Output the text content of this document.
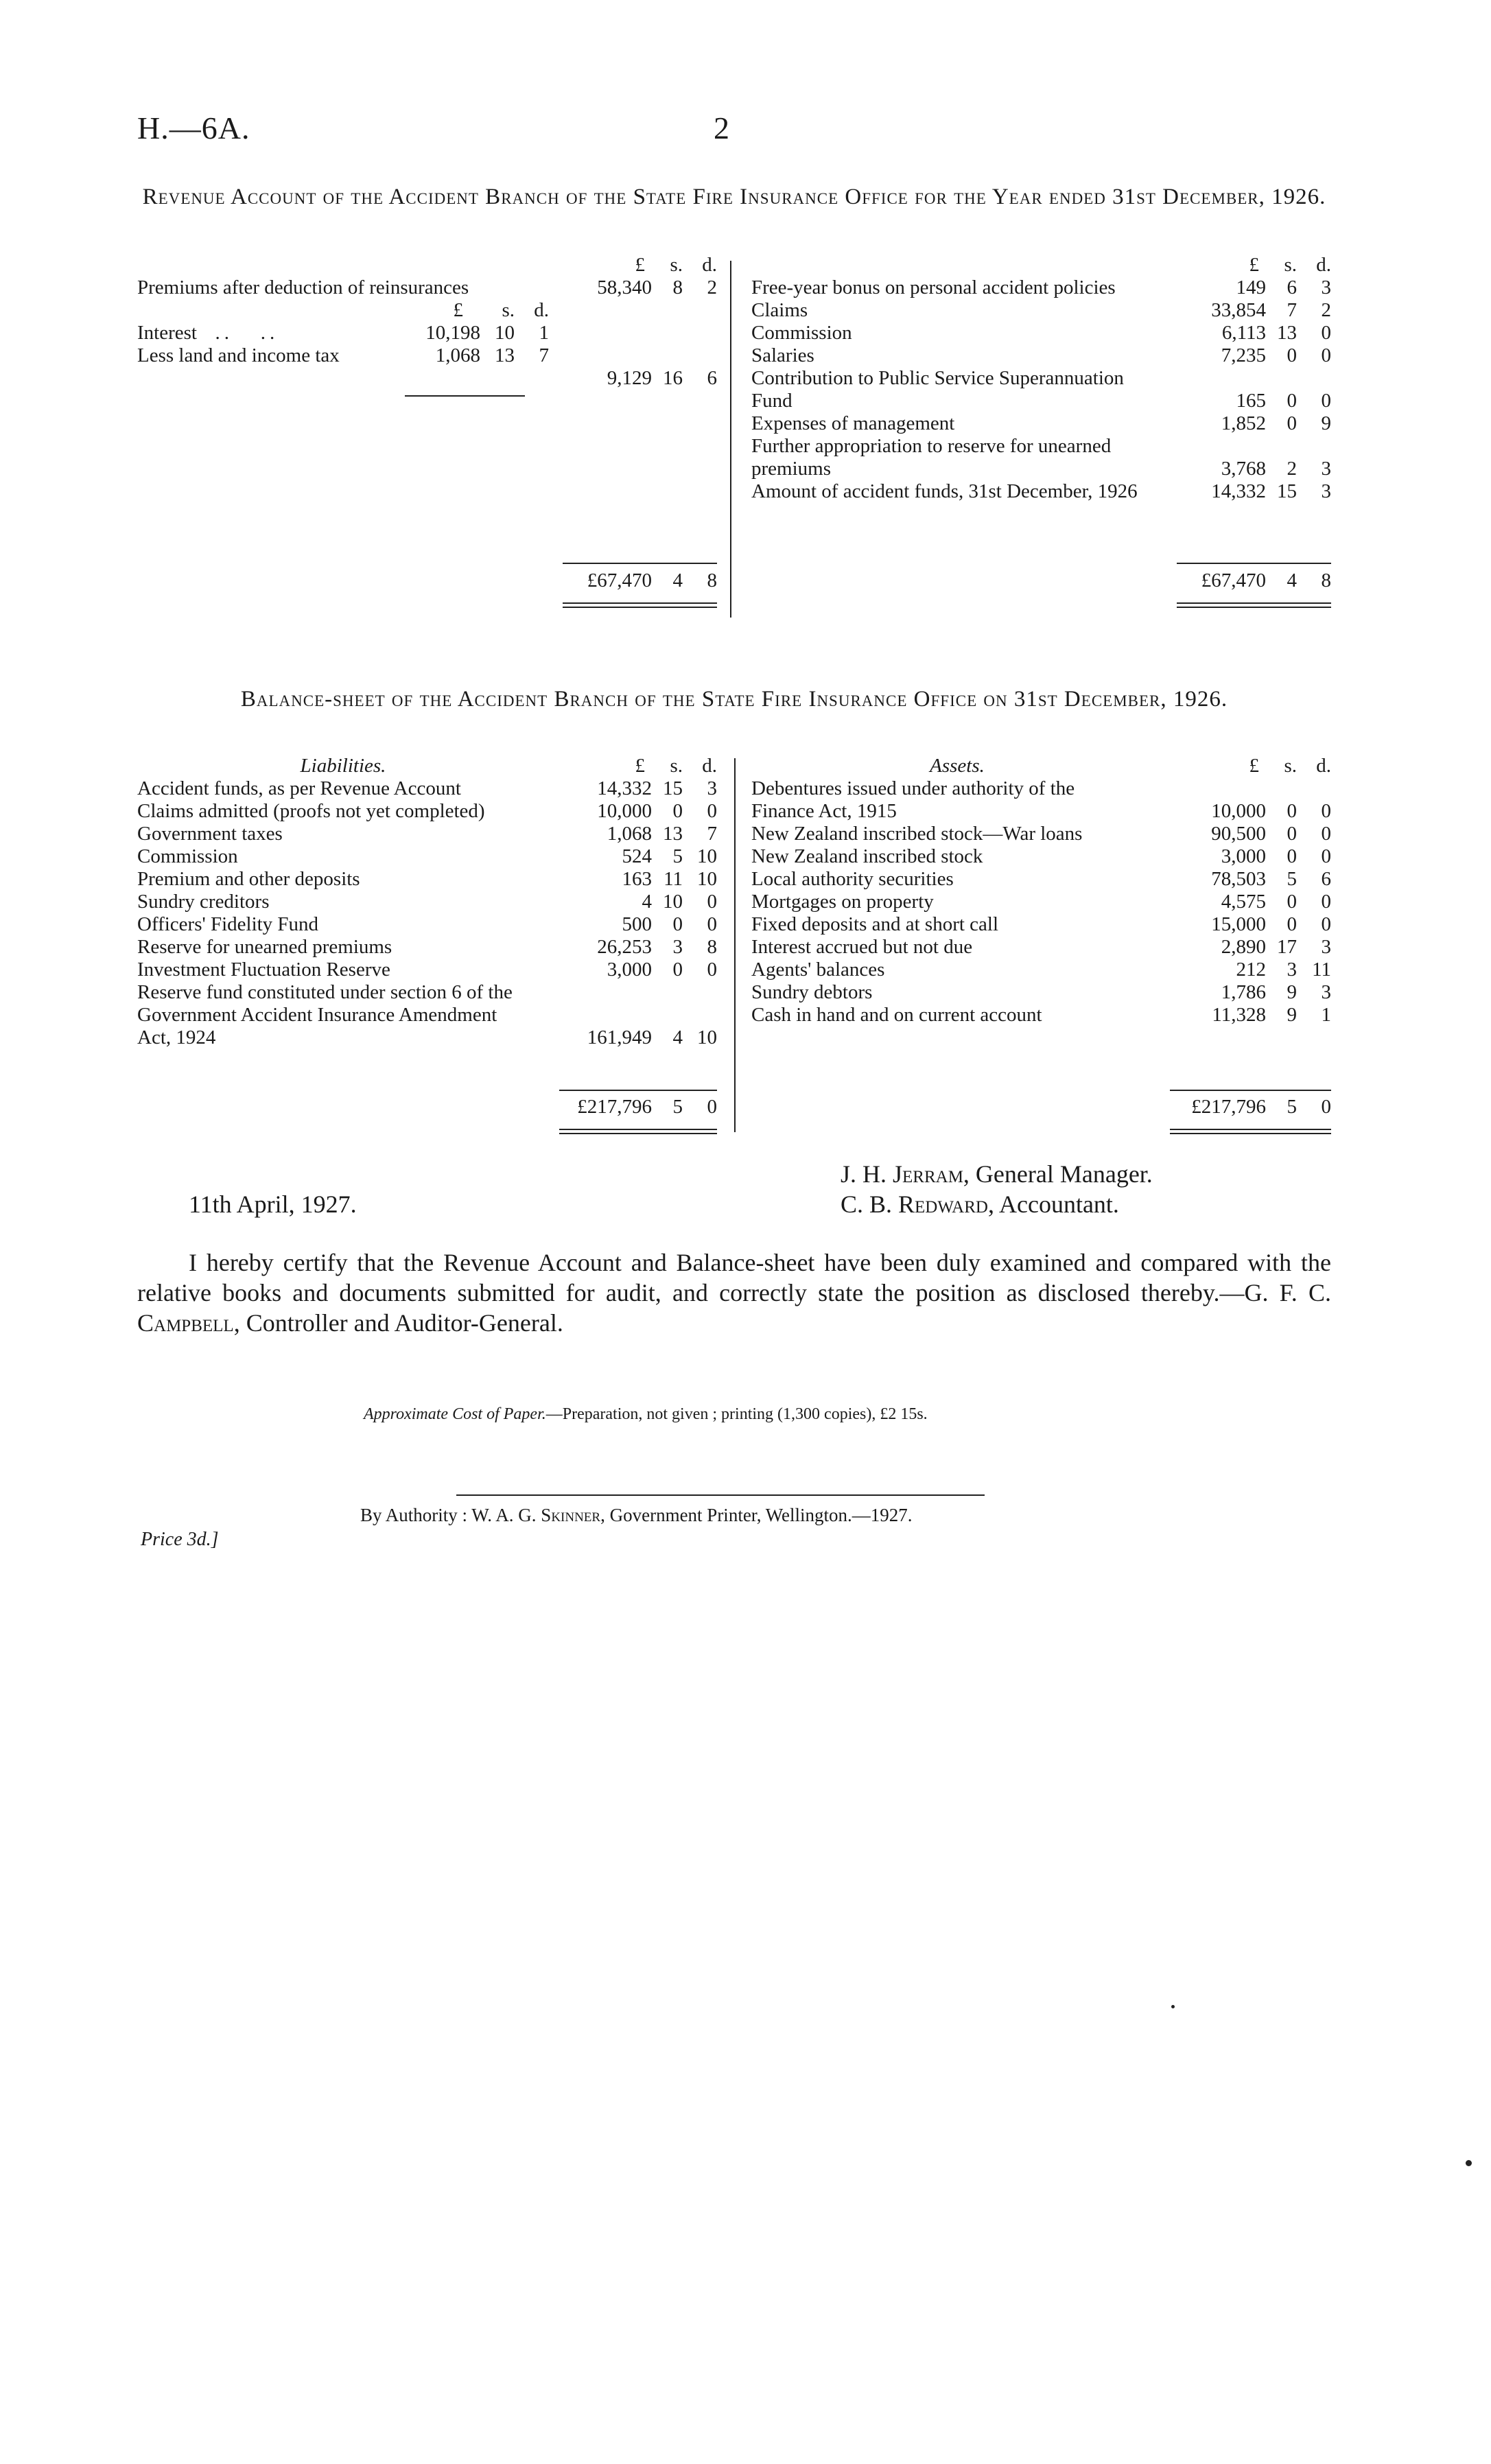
H.—6A.	2
Revenue Account of the Accident Branch of the State Fire Insurance Office for the Year ended 31st December, 1926.
	£	s.	d.
Premiums after deduction of reinsurances	58,340	8	2
	£	s.	d.
Interest  ..   ..	10,198	10	1
Less land and income tax	1,068	13	7
9,129	16	6
£67,470	4	8
	£	s.	d.
Free-year bonus on personal accident policies	149	6	3
Claims	33,854	7	2
Commission	6,113	13	0
Salaries	7,235	0	0
Contribution to Public Service Superannuation Fund	165	0	0
Expenses of management	1,852	0	9
Further appropriation to reserve for unearned premiums	3,768	2	3
Amount of accident funds, 31st December, 1926	14,332	15	3
£67,470	4	8
Balance-sheet of the Accident Branch of the State Fire Insurance Office on 31st December, 1926.
Liabilities.	£	s.	d.
Accident funds, as per Revenue Account	14,332	15	3
Claims admitted (proofs not yet completed)	10,000	0	0
Government taxes	1,068	13	7
Commission	524	5	10
Premium and other deposits	163	11	10
Sundry creditors	4	10	0
Officers' Fidelity Fund	500	0	0
Reserve for unearned premiums	26,253	3	8
Investment Fluctuation Reserve	3,000	0	0
Reserve fund constituted under section 6 of the Government Accident Insurance Amendment Act, 1924	161,949	4	10
£217,796	5	0
Assets.	£	s.	d.
Debentures issued under authority of the Finance Act, 1915	10,000	0	0
New Zealand inscribed stock—War loans	90,500	0	0
New Zealand inscribed stock	3,000	0	0
Local authority securities	78,503	5	6
Mortgages on property	4,575	0	0
Fixed deposits and at short call	15,000	0	0
Interest accrued but not due	2,890	17	3
Agents' balances	212	3	11
Sundry debtors	1,786	9	3
Cash in hand and on current account	11,328	9	1
£217,796	5	0
11th April, 1927.
J. H. Jerram, General Manager.
C. B. Redward, Accountant.
I hereby certify that the Revenue Account and Balance-sheet have been duly examined and compared with the relative books and documents submitted for audit, and correctly state the position as disclosed thereby.—G. F. C. Campbell, Controller and Auditor-General.
Approximate Cost of Paper.—Preparation, not given ; printing (1,300 copies), £2 15s.
By Authority : W. A. G. Skinner, Government Printer, Wellington.—1927.
Price 3d.]
